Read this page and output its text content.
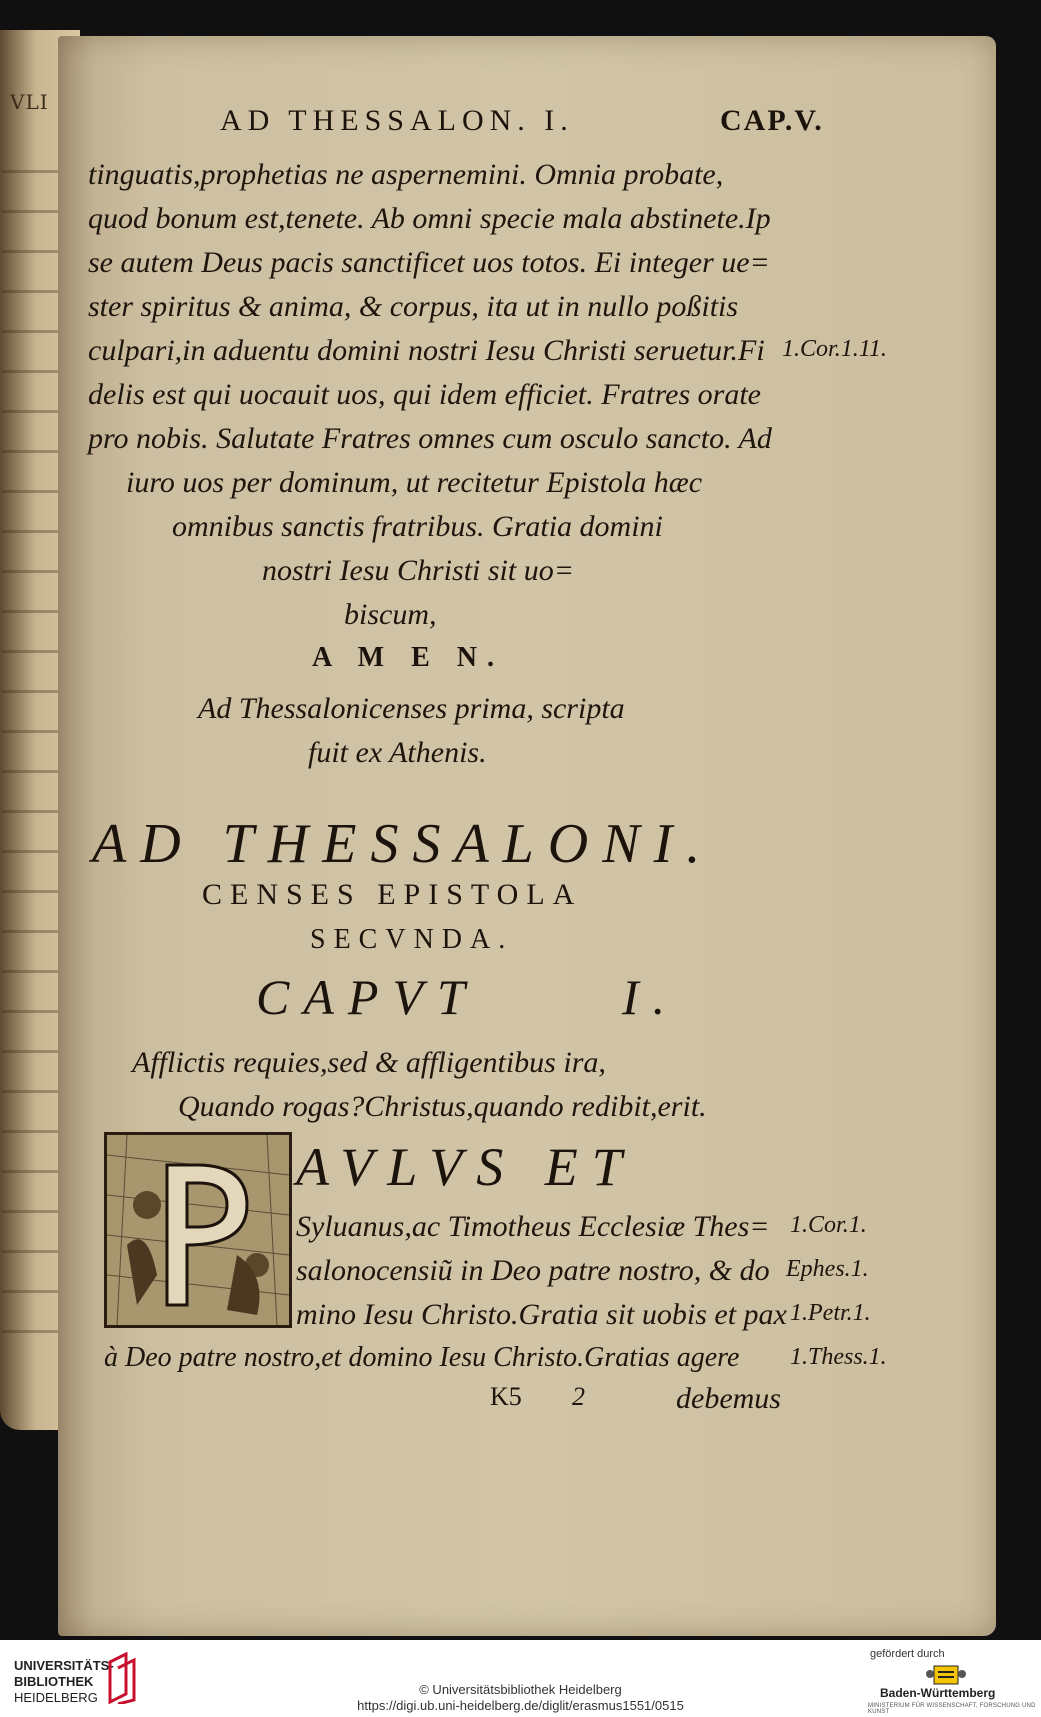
VLI
AD THESSALON. I.	CAP.V.
tinguatis,prophetias ne aspernemini. Omnia probate,
quod bonum est,tenete. Ab omni specie mala abstinete.Ip
se autem Deus pacis sanctificet uos totos. Ei integer ue=
ster spiritus & anima, & corpus, ita ut in nullo poßitis
culpari,in aduentu domini nostri Iesu Christi seruetur.Fi
delis est qui uocauit uos, qui idem efficiet. Fratres orate
pro nobis. Salutate Fratres omnes cum osculo sancto. Ad
iuro uos per dominum, ut recitetur Epistola hæc
omnibus sanctis fratribus. Gratia domini
nostri Iesu Christi sit uo=
biscum,
A M E N.
Ad Thessalonicenses prima, scripta
fuit ex Athenis.
1.Cor.1.11.
AD THESSALONI.
CENSES EPISTOLA
SECVNDA.
CAPVT	I.
Afflictis requies,sed & affligentibus ira,
Quando rogas?Christus,quando redibit,erit.
AVLVS ET
Syluanus,ac Timotheus Ecclesiæ Thes=
salonocensiũ in Deo patre nostro, & do
mino Iesu Christo.Gratia sit uobis et pax
à Deo patre nostro,et domino Iesu Christo.Gratias agere
1.Cor.1.
Ephes.1.
1.Petr.1.
1.Thess.1.
K5 2	debemus
UNIVERSITÄTS-
BIBLIOTHEK
HEIDELBERG
© Universitätsbibliothek Heidelberg
https://digi.ub.uni-heidelberg.de/diglit/erasmus1551/0515
gefördert durch
Baden-Württemberg
MINISTERIUM FÜR WISSENSCHAFT, FORSCHUNG UND KUNST
